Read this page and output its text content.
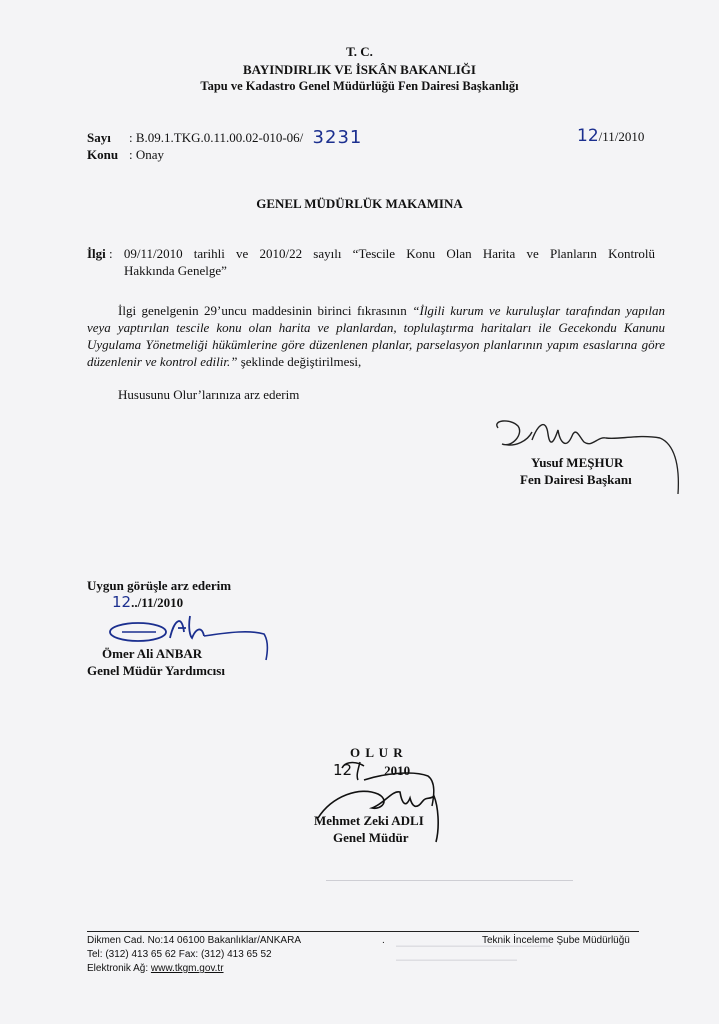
T. C.
BAYINDIRLIK VE İSKÂN BAKANLIĞI
Tapu ve Kadastro Genel Müdürlüğü Fen Dairesi Başkanlığı
Sayı : B.09.1.TKG.0.11.00.02-010-06/ 3231	12/11/2010
Konu : Onay
GENEL MÜDÜRLÜK MAKAMINA
İlgi : 09/11/2010 tarihli ve 2010/22 sayılı “Tescile Konu Olan Harita ve Planların Kontrolü
Hakkında Genelge”
İlgi genelgenin 29’uncu maddesinin birinci fıkrasının “İlgili kurum ve kuruluşlar tarafından yapılan veya yaptırılan tescile konu olan harita ve planlardan, toplulaştırma haritaları ile Gecekondu Kanunu Uygulama Yönetmeliği hükümlerine göre düzenlenen planlar, parselasyon planlarının yapım esaslarına göre düzenlenir ve kontrol edilir.” şeklinde değiştirilmesi,
Hususunu Olur’larınıza arz ederim
Yusuf MEŞHUR
Fen Dairesi Başkanı
Uygun görüşle arz ederim
12../11/2010
Ömer Ali ANBAR
Genel Müdür Yardımcısı
O L U R
12 2010
Mehmet Zeki ADLI
Genel Müdür
Dikmen Cad. No:14 06100 Bakanlıklar/ANKARA
Tel: (312) 413 65 62 Fax: (312) 413 65 52
Elektronik Ağ: www.tkgm.gov.tr
.	Teknik İnceleme Şube Müdürlüğü
———————————————————
——————————————
———————————
